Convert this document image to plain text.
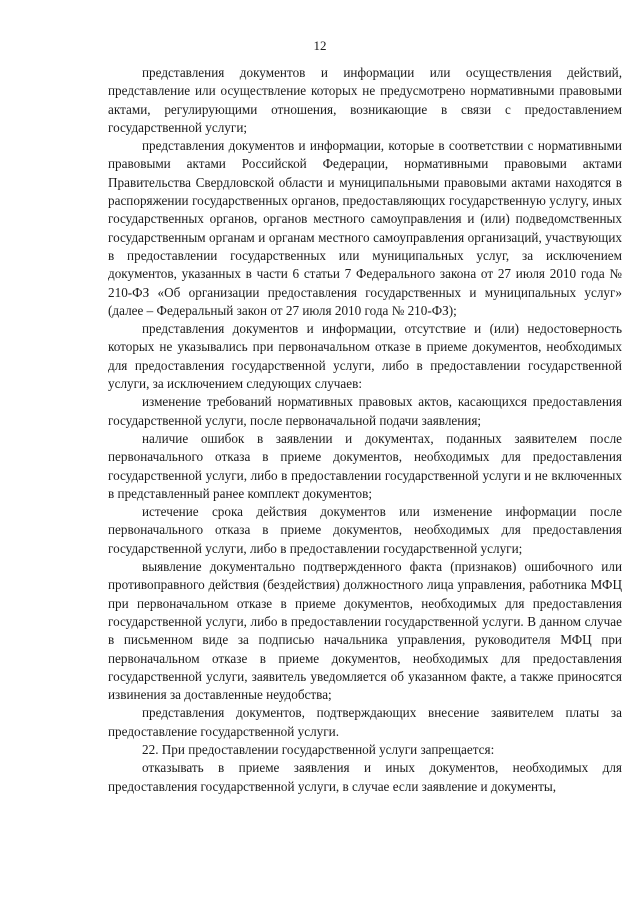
12

представления документов и информации или осуществления действий, представление или осуществление которых не предусмотрено нормативными правовыми актами, регулирующими отношения, возникающие в связи с предоставлением государственной услуги;

представления документов и информации, которые в соответствии с нормативными правовыми актами Российской Федерации, нормативными правовыми актами Правительства Свердловской области и муниципальными правовыми актами находятся в распоряжении государственных органов, предоставляющих государственную услугу, иных государственных органов, органов местного самоуправления и (или) подведомственных государственным органам и органам местного самоуправления организаций, участвующих в предоставлении государственных или муниципальных услуг, за исключением документов, указанных в части 6 статьи 7 Федерального закона от 27 июля 2010 года № 210-ФЗ «Об организации предоставления государственных и муниципальных услуг» (далее – Федеральный закон от 27 июля 2010 года № 210-ФЗ);

представления документов и информации, отсутствие и (или) недостоверность которых не указывались при первоначальном отказе в приеме документов, необходимых для предоставления государственной услуги, либо в предоставлении государственной услуги, за исключением следующих случаев:

изменение требований нормативных правовых актов, касающихся предоставления государственной услуги, после первоначальной подачи заявления;

наличие ошибок в заявлении и документах, поданных заявителем после первоначального отказа в приеме документов, необходимых для предоставления государственной услуги, либо в предоставлении государственной услуги и не включенных в представленный ранее комплект документов;

истечение срока действия документов или изменение информации после первоначального отказа в приеме документов, необходимых для предоставления государственной услуги, либо в предоставлении государственной услуги;

выявление документально подтвержденного факта (признаков) ошибочного или противоправного действия (бездействия) должностного лица управления, работника МФЦ при первоначальном отказе в приеме документов, необходимых для предоставления государственной услуги, либо в предоставлении государственной услуги. В данном случае в письменном виде за подписью начальника управления, руководителя МФЦ при первоначальном отказе в приеме документов, необходимых для предоставления государственной услуги, заявитель уведомляется об указанном факте, а также приносятся извинения за доставленные неудобства;

представления документов, подтверждающих внесение заявителем платы за предоставление государственной услуги.

22. При предоставлении государственной услуги запрещается:

отказывать в приеме заявления и иных документов, необходимых для предоставления государственной услуги, в случае если заявление и документы,
